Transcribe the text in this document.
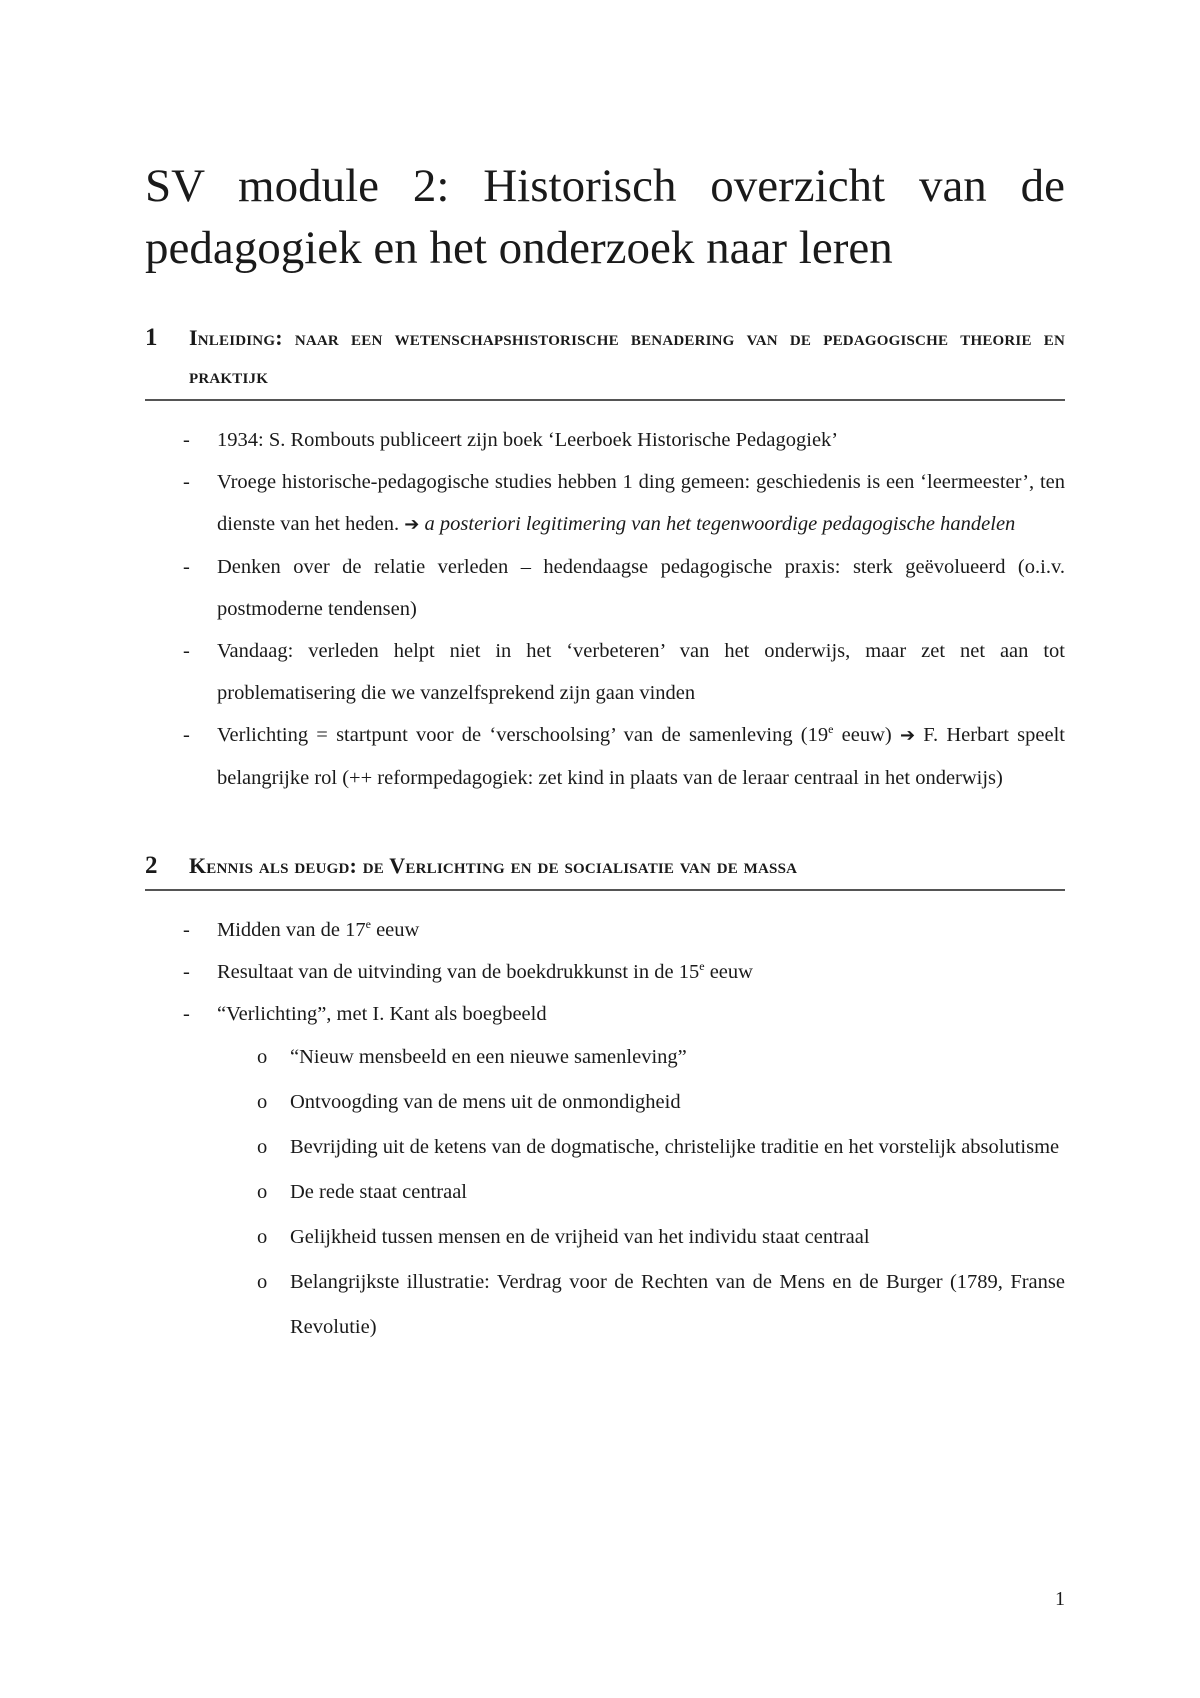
SV module 2: Historisch overzicht van de pedagogiek en het onderzoek naar leren
1	Inleiding: naar een wetenschapshistorische benadering van de pedagogische theorie en praktijk
- 1934: S. Rombouts publiceert zijn boek ‘Leerboek Historische Pedagogiek’
- Vroege historische-pedagogische studies hebben 1 ding gemeen: geschiedenis is een ‘leermeester’, ten dienste van het heden. ➔ a posteriori legitimering van het tegenwoordige pedagogische handelen
- Denken over de relatie verleden – hedendaagse pedagogische praxis: sterk geëvolueerd (o.i.v. postmoderne tendensen)
- Vandaag: verleden helpt niet in het ‘verbeteren’ van het onderwijs, maar zet net aan tot problematisering die we vanzelfsprekend zijn gaan vinden
- Verlichting = startpunt voor de ‘verschoolsing’ van de samenleving (19e eeuw) ➔ F. Herbart speelt belangrijke rol (++ reformpedagogiek: zet kind in plaats van de leraar centraal in het onderwijs)
2	Kennis als deugd: de Verlichting en de socialisatie van de massa
- Midden van de 17e eeuw
- Resultaat van de uitvinding van de boekdrukkunst in de 15e eeuw
- “Verlichting”, met I. Kant als boegbeeld
o “Nieuw mensbeeld en een nieuwe samenleving”
o Ontvoogding van de mens uit de onmondigheid
o Bevrijding uit de ketens van de dogmatische, christelijke traditie en het vorstelijk absolutisme
o De rede staat centraal
o Gelijkheid tussen mensen en de vrijheid van het individu staat centraal
o Belangrijkste illustratie: Verdrag voor de Rechten van de Mens en de Burger (1789, Franse Revolutie)
1
